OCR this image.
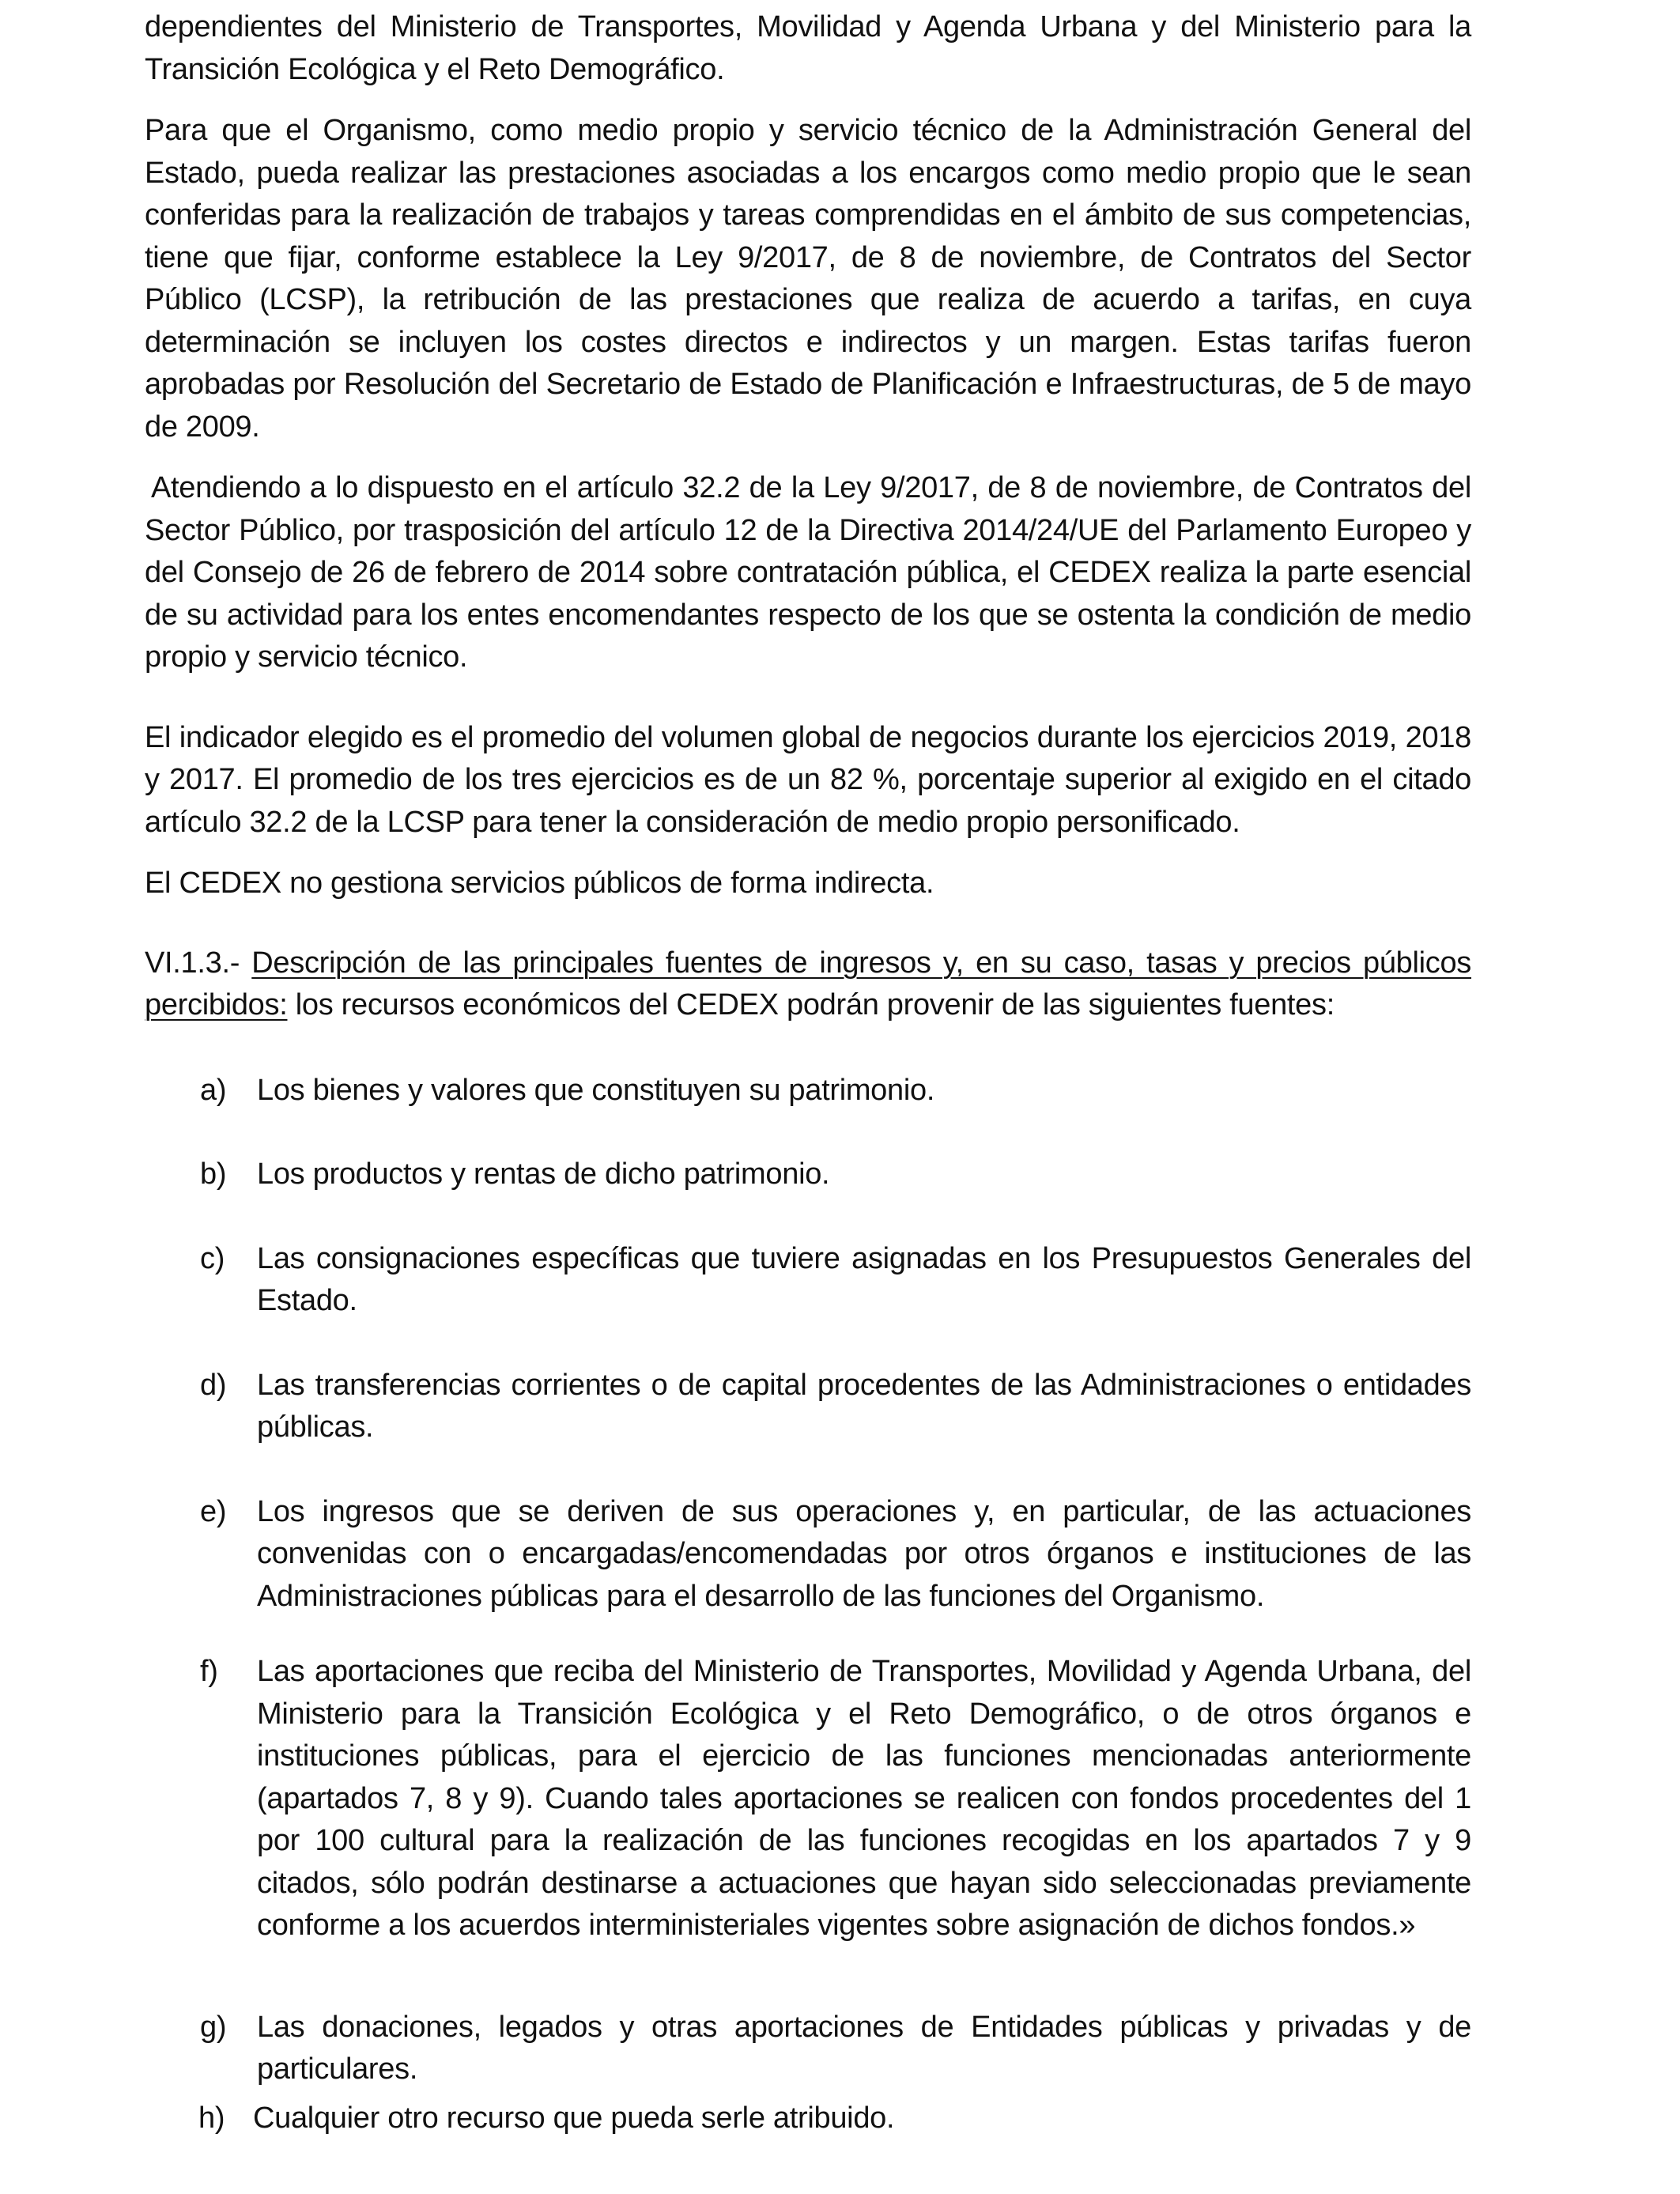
dependientes del Ministerio de Transportes, Movilidad y Agenda Urbana y del Ministerio para la Transición Ecológica y el Reto Demográfico.

Para que el Organismo, como medio propio y servicio técnico de la Administración General del Estado, pueda realizar las prestaciones asociadas a los encargos como medio propio que le sean conferidas para la realización de trabajos y tareas comprendidas en el ámbito de sus competencias, tiene que fijar, conforme establece la Ley 9/2017, de 8 de noviembre, de Contratos del Sector Público (LCSP), la retribución de las prestaciones que realiza de acuerdo a tarifas, en cuya determinación se incluyen los costes directos e indirectos y un margen. Estas tarifas fueron aprobadas por Resolución del Secretario de Estado de Planificación e Infraestructuras, de 5 de mayo de 2009.

Atendiendo a lo dispuesto en el artículo 32.2 de la Ley 9/2017, de 8 de noviembre, de Contratos del Sector Público, por trasposición del artículo 12 de la Directiva 2014/24/UE del Parlamento Europeo y del Consejo de 26 de febrero de 2014 sobre contratación pública, el CEDEX realiza la parte esencial de su actividad para los entes encomendantes respecto de los que se ostenta la condición de medio propio y servicio técnico.

El indicador elegido es el promedio del volumen global de negocios durante los ejercicios 2019, 2018 y 2017. El promedio de los tres ejercicios es de un 82 %, porcentaje superior al exigido en el citado artículo 32.2 de la LCSP para tener la consideración de medio propio personificado.

El CEDEX no gestiona servicios públicos de forma indirecta.

VI.1.3.- Descripción de las principales fuentes de ingresos y, en su caso, tasas y precios públicos percibidos: los recursos económicos del CEDEX podrán provenir de las siguientes fuentes:

a) Los bienes y valores que constituyen su patrimonio.
b) Los productos y rentas de dicho patrimonio.
c) Las consignaciones específicas que tuviere asignadas en los Presupuestos Generales del Estado.
d) Las transferencias corrientes o de capital procedentes de las Administraciones o entidades públicas.
e) Los ingresos que se deriven de sus operaciones y, en particular, de las actuaciones convenidas con o encargadas/encomendadas por otros órganos e instituciones de las Administraciones públicas para el desarrollo de las funciones del Organismo.
f) Las aportaciones que reciba del Ministerio de Transportes, Movilidad y Agenda Urbana, del Ministerio para la Transición Ecológica y el Reto Demográfico, o de otros órganos e instituciones públicas, para el ejercicio de las funciones mencionadas anteriormente (apartados 7, 8 y 9). Cuando tales aportaciones se realicen con fondos procedentes del 1 por 100 cultural para la realización de las funciones recogidas en los apartados 7 y 9 citados, sólo podrán destinarse a actuaciones que hayan sido seleccionadas previamente conforme a los acuerdos interministeriales vigentes sobre asignación de dichos fondos.»
g) Las donaciones, legados y otras aportaciones de Entidades públicas y privadas y de particulares.
h) Cualquier otro recurso que pueda serle atribuido.
